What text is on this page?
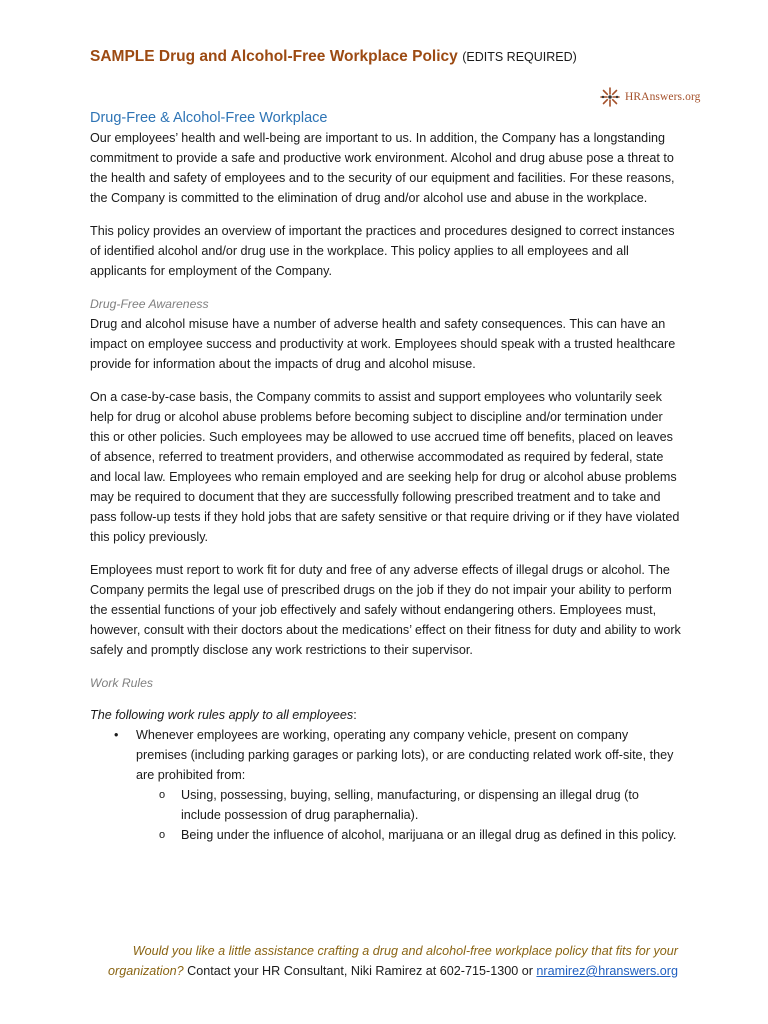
SAMPLE Drug and Alcohol-Free Workplace Policy (EDITS REQUIRED)
HRAnswers.org
Drug-Free & Alcohol-Free Workplace

Our employees’ health and well-being are important to us. In addition, the Company has a longstanding commitment to provide a safe and productive work environment. Alcohol and drug abuse pose a threat to the health and safety of employees and to the security of our equipment and facilities. For these reasons, the Company is committed to the elimination of drug and/or alcohol use and abuse in the workplace.

This policy provides an overview of important the practices and procedures designed to correct instances of identified alcohol and/or drug use in the workplace. This policy applies to all employees and all applicants for employment of the Company.

Drug-Free Awareness

Drug and alcohol misuse have a number of adverse health and safety consequences. This can have an impact on employee success and productivity at work. Employees should speak with a trusted healthcare provide for information about the impacts of drug and alcohol misuse.

On a case-by-case basis, the Company commits to assist and support employees who voluntarily seek help for drug or alcohol abuse problems before becoming subject to discipline and/or termination under this or other policies. Such employees may be allowed to use accrued time off benefits, placed on leaves of absence, referred to treatment providers, and otherwise accommodated as required by federal, state and local law. Employees who remain employed and are seeking help for drug or alcohol abuse problems may be required to document that they are successfully following prescribed treatment and to take and pass follow-up tests if they hold jobs that are safety sensitive or that require driving or if they have violated this policy previously.

Employees must report to work fit for duty and free of any adverse effects of illegal drugs or alcohol. The Company permits the legal use of prescribed drugs on the job if they do not impair your ability to perform the essential functions of your job effectively and safely without endangering others. Employees must, however, consult with their doctors about the medications’ effect on their fitness for duty and ability to work safely and promptly disclose any work restrictions to their supervisor.

Work Rules

The following work rules apply to all employees:

• Whenever employees are working, operating any company vehicle, present on company premises (including parking garages or parking lots), or are conducting related work off-site, they are prohibited from:
o Using, possessing, buying, selling, manufacturing, or dispensing an illegal drug (to include possession of drug paraphernalia).
o Being under the influence of alcohol, marijuana or an illegal drug as defined in this policy.
Would you like a little assistance crafting a drug and alcohol-free workplace policy that fits for your organization? Contact your HR Consultant, Niki Ramirez at 602-715-1300 or nramirez@hranswers.org
